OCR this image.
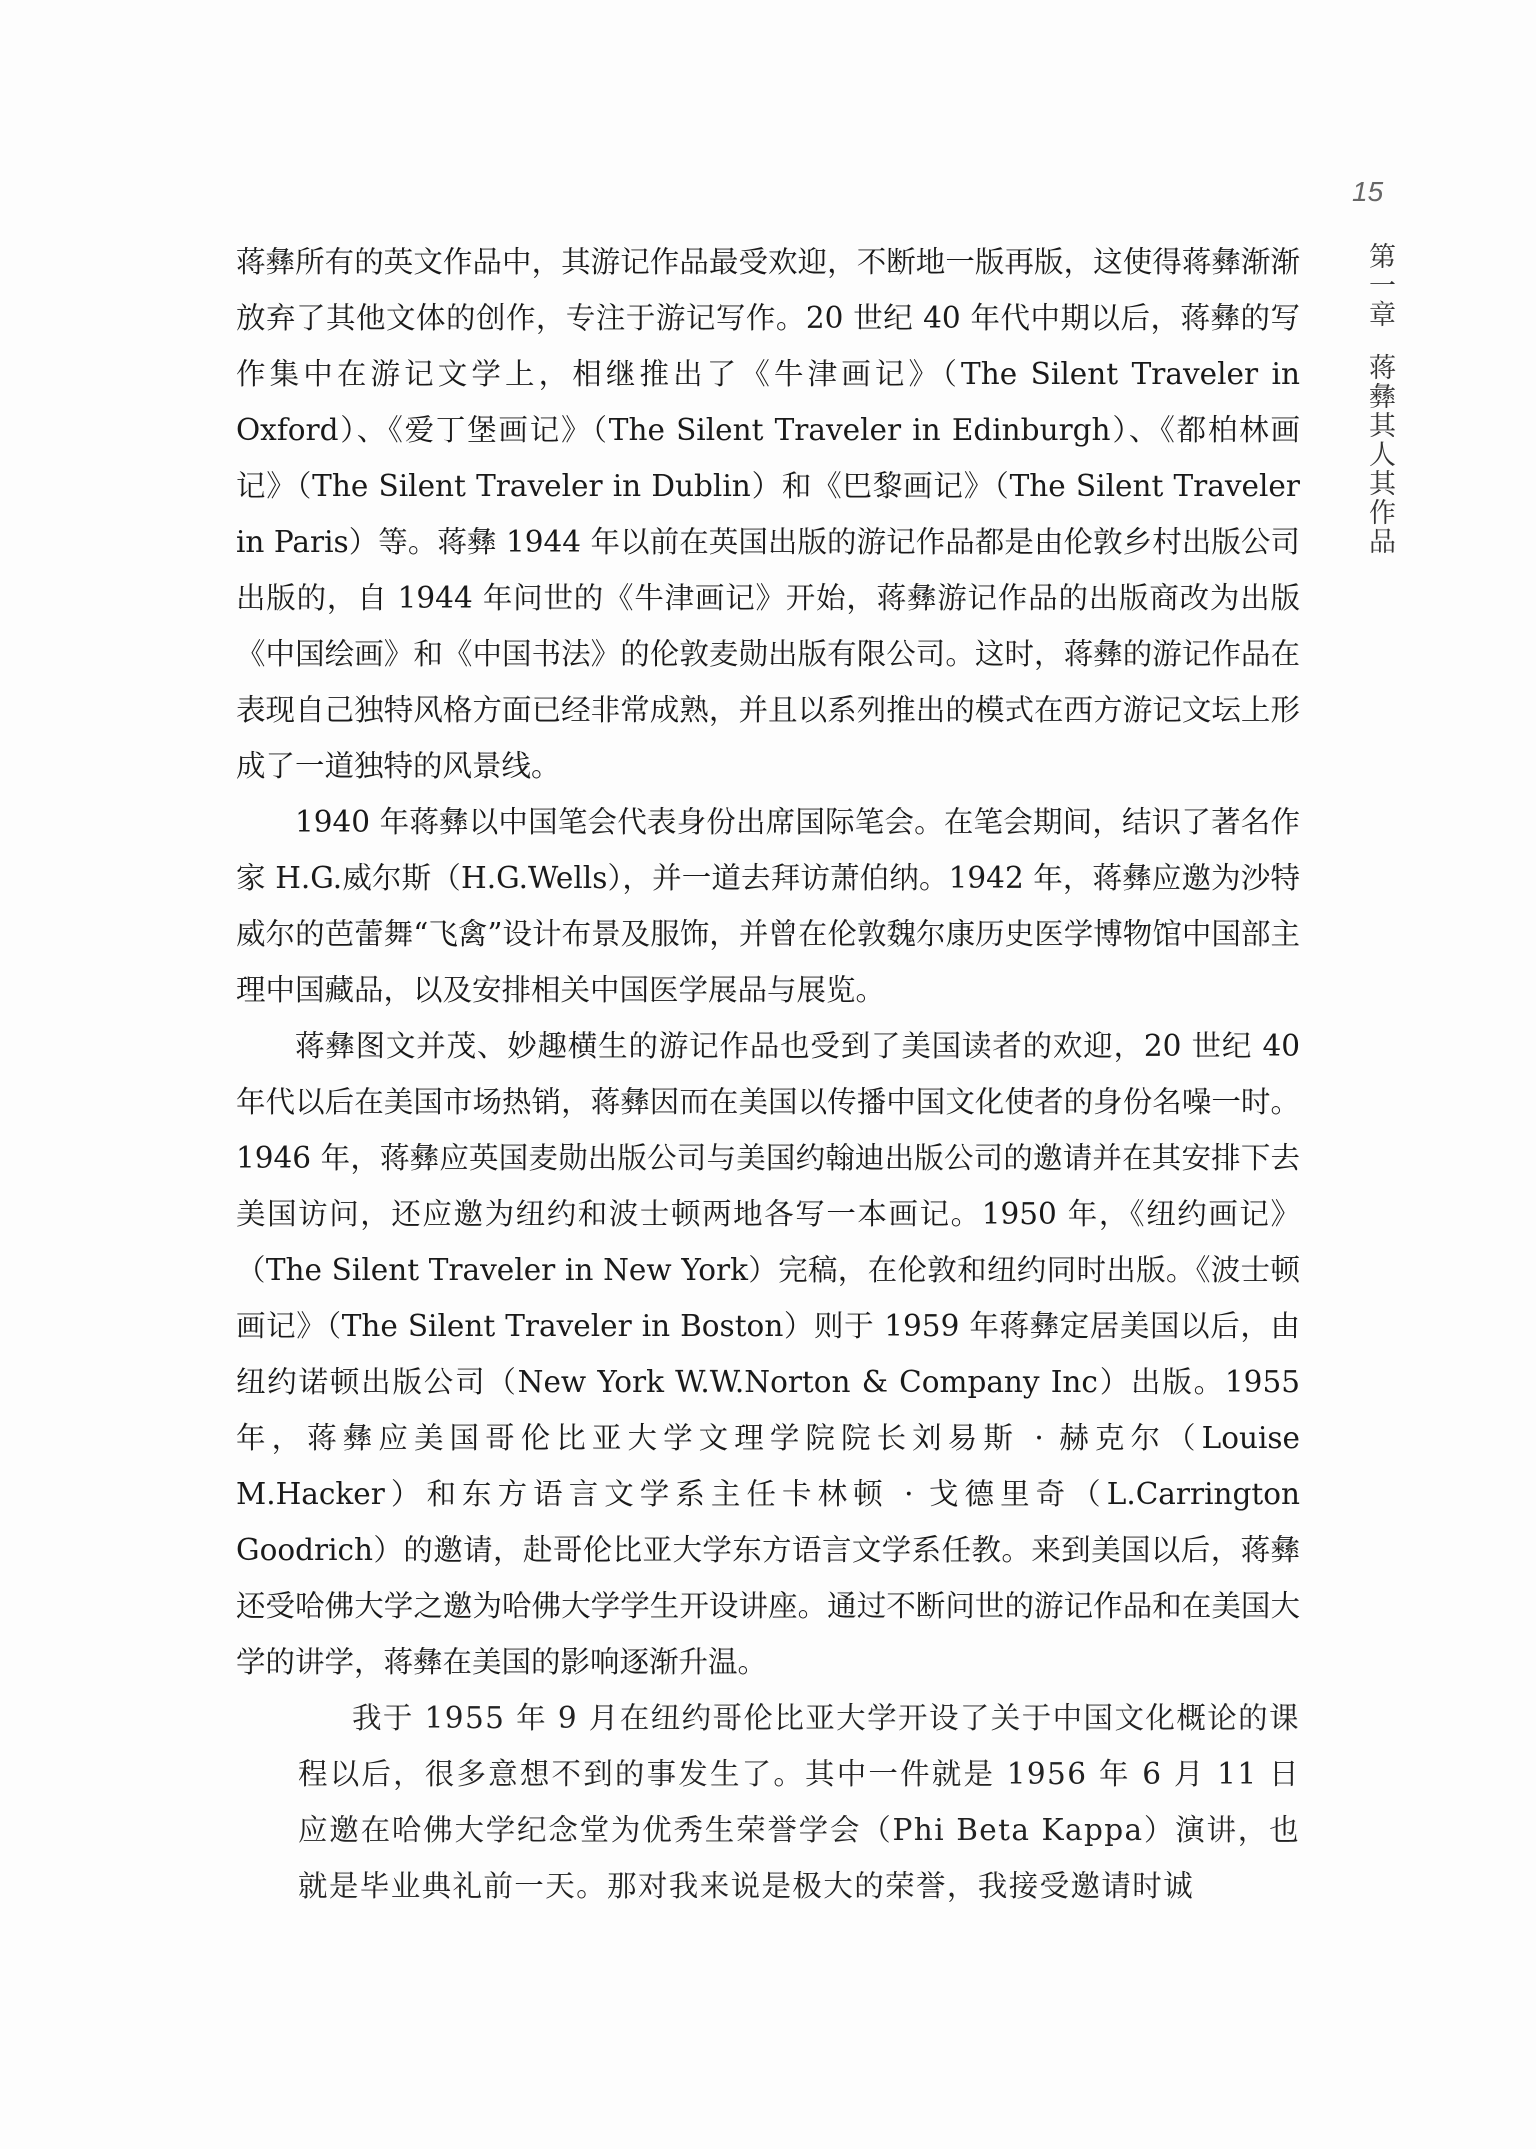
15
第一章蒋彝其人其作品

蒋彝所有的英文作品中，其游记作品最受欢迎，不断地一版再版，这使得蒋彝渐渐放弃了其他文体的创作，专注于游记写作。20 世纪 40 年代中期以后，蒋彝的写作集中在游记文学上，相继推出了《牛津画记》（The Silent Traveler in Oxford）、《爱丁堡画记》（The Silent Traveler in Edinburgh）、《都柏林画记》（The Silent Traveler in Dublin）和《巴黎画记》（The Silent Traveler in Paris）等。蒋彝 1944 年以前在英国出版的游记作品都是由伦敦乡村出版公司出版的，自 1944 年问世的《牛津画记》开始，蒋彝游记作品的出版商改为出版《中国绘画》和《中国书法》的伦敦麦勋出版有限公司。这时，蒋彝的游记作品在表现自己独特风格方面已经非常成熟，并且以系列推出的模式在西方游记文坛上形成了一道独特的风景线。

1940 年蒋彝以中国笔会代表身份出席国际笔会。在笔会期间，结识了著名作家 H.G.威尔斯（H.G.Wells），并一道去拜访萧伯纳。1942 年，蒋彝应邀为沙特威尔的芭蕾舞“飞禽”设计布景及服饰，并曾在伦敦魏尔康历史医学博物馆中国部主理中国藏品，以及安排相关中国医学展品与展览。

蒋彝图文并茂、妙趣横生的游记作品也受到了美国读者的欢迎，20 世纪 40 年代以后在美国市场热销，蒋彝因而在美国以传播中国文化使者的身份名噪一时。1946 年，蒋彝应英国麦勋出版公司与美国约翰迪出版公司的邀请并在其安排下去美国访问，还应邀为纽约和波士顿两地各写一本画记。1950 年，《纽约画记》（The Silent Traveler in New York）完稿，在伦敦和纽约同时出版。《波士顿画记》（The Silent Traveler in Boston）则于 1959 年蒋彝定居美国以后，由纽约诺顿出版公司（New York W.W.Norton & Company Inc）出版。1955 年，蒋彝应美国哥伦比亚大学文理学院院长刘易斯 · 赫克尔（Louise M.Hacker）和东方语言文学系主任卡林顿 · 戈德里奇（L.Carrington Goodrich）的邀请，赴哥伦比亚大学东方语言文学系任教。来到美国以后，蒋彝还受哈佛大学之邀为哈佛大学学生开设讲座。通过不断问世的游记作品和在美国大学的讲学，蒋彝在美国的影响逐渐升温。

我于 1955 年 9 月在纽约哥伦比亚大学开设了关于中国文化概论的课程以后，很多意想不到的事发生了。其中一件就是 1956 年 6 月 11 日应邀在哈佛大学纪念堂为优秀生荣誉学会（Phi Beta Kappa）演讲，也就是毕业典礼前一天。那对我来说是极大的荣誉，我接受邀请时诚
